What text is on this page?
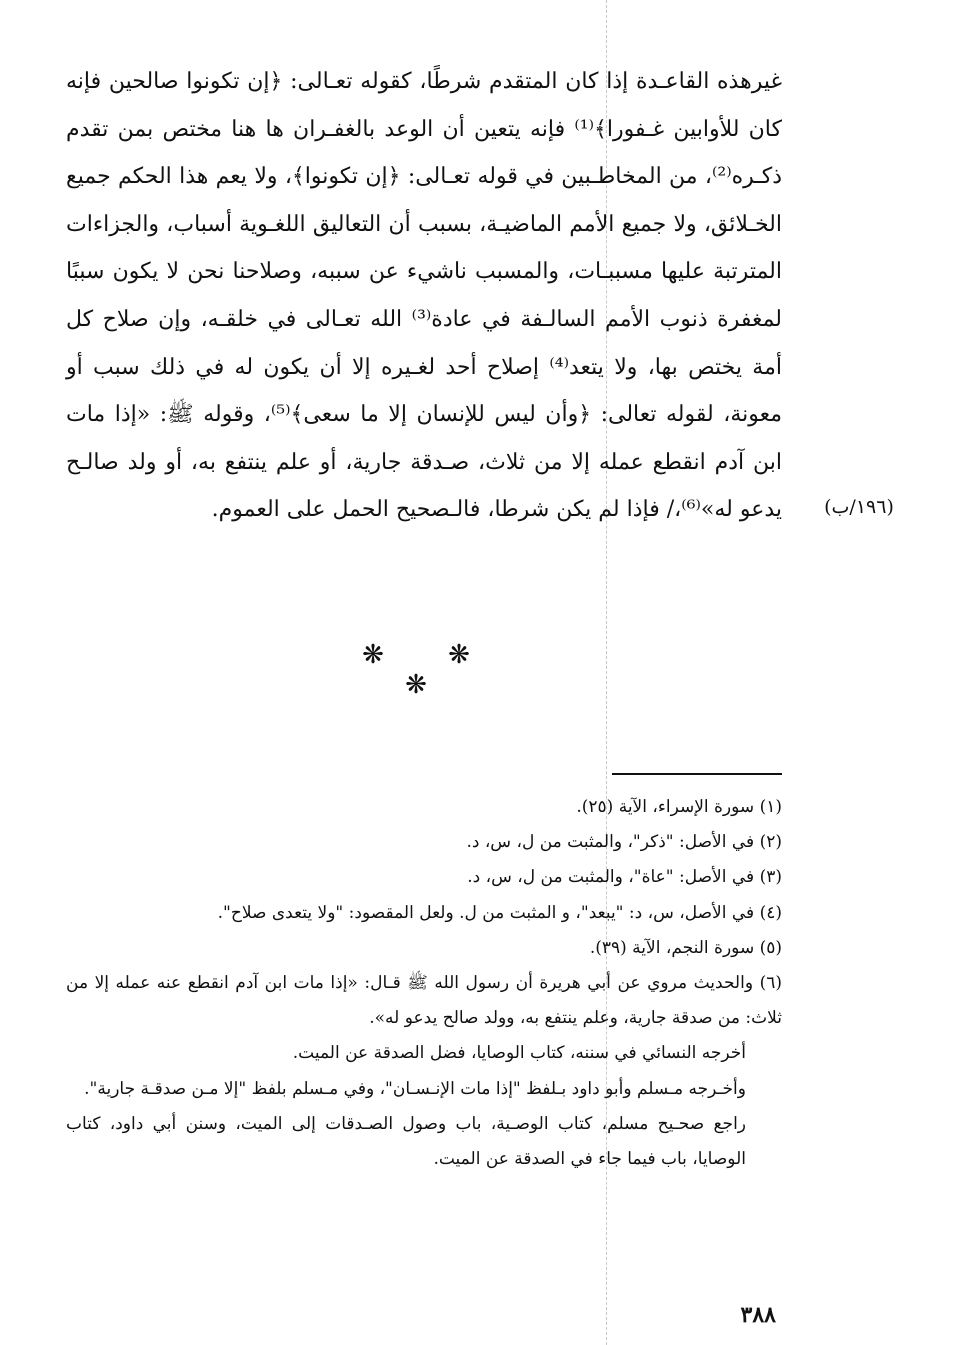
غيرهذه القاعـدة إذا كان المتقدم شرطًا، كقوله تعـالى: ﴿إن تكونوا صالحين فإنه كان للأوابين غـفورا﴾⁽¹⁾ فإنه يتعين أن الوعد بالغفـران ها هنا مختص بمن تقدم ذكـره⁽²⁾، من المخاطـبين في قوله تعـالى: ﴿إن تكونوا﴾، ولا يعم هذا الحكم جميع الخـلائق، ولا جميع الأمم الماضيـة، بسبب أن التعاليق اللغـوية أسباب، والجزاءات المترتبة عليها مسببـات، والمسبب ناشيء عن سببه، وصلاحنا نحن لا يكون سببًا لمغفرة ذنوب الأمم السالـفة في عادة⁽³⁾ الله تعـالى في خلقـه، وإن صلاح كل أمة يختص بها، ولا يتعد⁽⁴⁾ إصلاح أحد لغـيره إلا أن يكون له في ذلك سبب أو معونة، لقوله تعالى: ﴿وأن ليس للإنسان إلا ما سعى﴾⁽⁵⁾، وقوله ﷺ: «إذا مات ابن آدم انقطع عمله إلا من ثلاث، صـدقة جارية، أو علم ينتفع به، أو ولد صالـح يدعو له»⁽⁶⁾،/ فإذا لم يكن شرطا، فالـصحيح الحمل على العموم.	(١٩٦/ب)
❋ ❋ ❋

(١) سورة الإسراء، الآية (٢٥).

(٢) في الأصل: "ذكر"، والمثبت من ل، س، د.

(٣) في الأصل: "عاة"، والمثبت من ل، س، د.

(٤) في الأصل، س، د: "يبعد"، و المثبت من ل. ولعل المقصود: "ولا يتعدى صلاح".

(٥) سورة النجم، الآية (٣٩).

(٦) والحديث مروي عن أبي هريرة أن رسول الله ﷺ قـال: «إذا مات ابن آدم انقطع عنه عمله إلا من ثلاث: من صدقة جارية، وعلم ينتفع به، وولد صالح يدعو له».

أخرجه النسائي في سننه، كتاب الوصايا، فضل الصدقة عن الميت.

وأخـرجه مـسلم وأبو داود بـلفظ "إذا مات الإنـسـان"، وفي مـسلم بلفظ "إلا مـن صدقـة جارية".

راجع صحـيح مسلم، كتاب الوصـية، باب وصول الصـدقات إلى الميت، وسنن أبي داود، كتاب الوصايا، باب فيما جاء في الصدقة عن الميت.

٣٨٨
